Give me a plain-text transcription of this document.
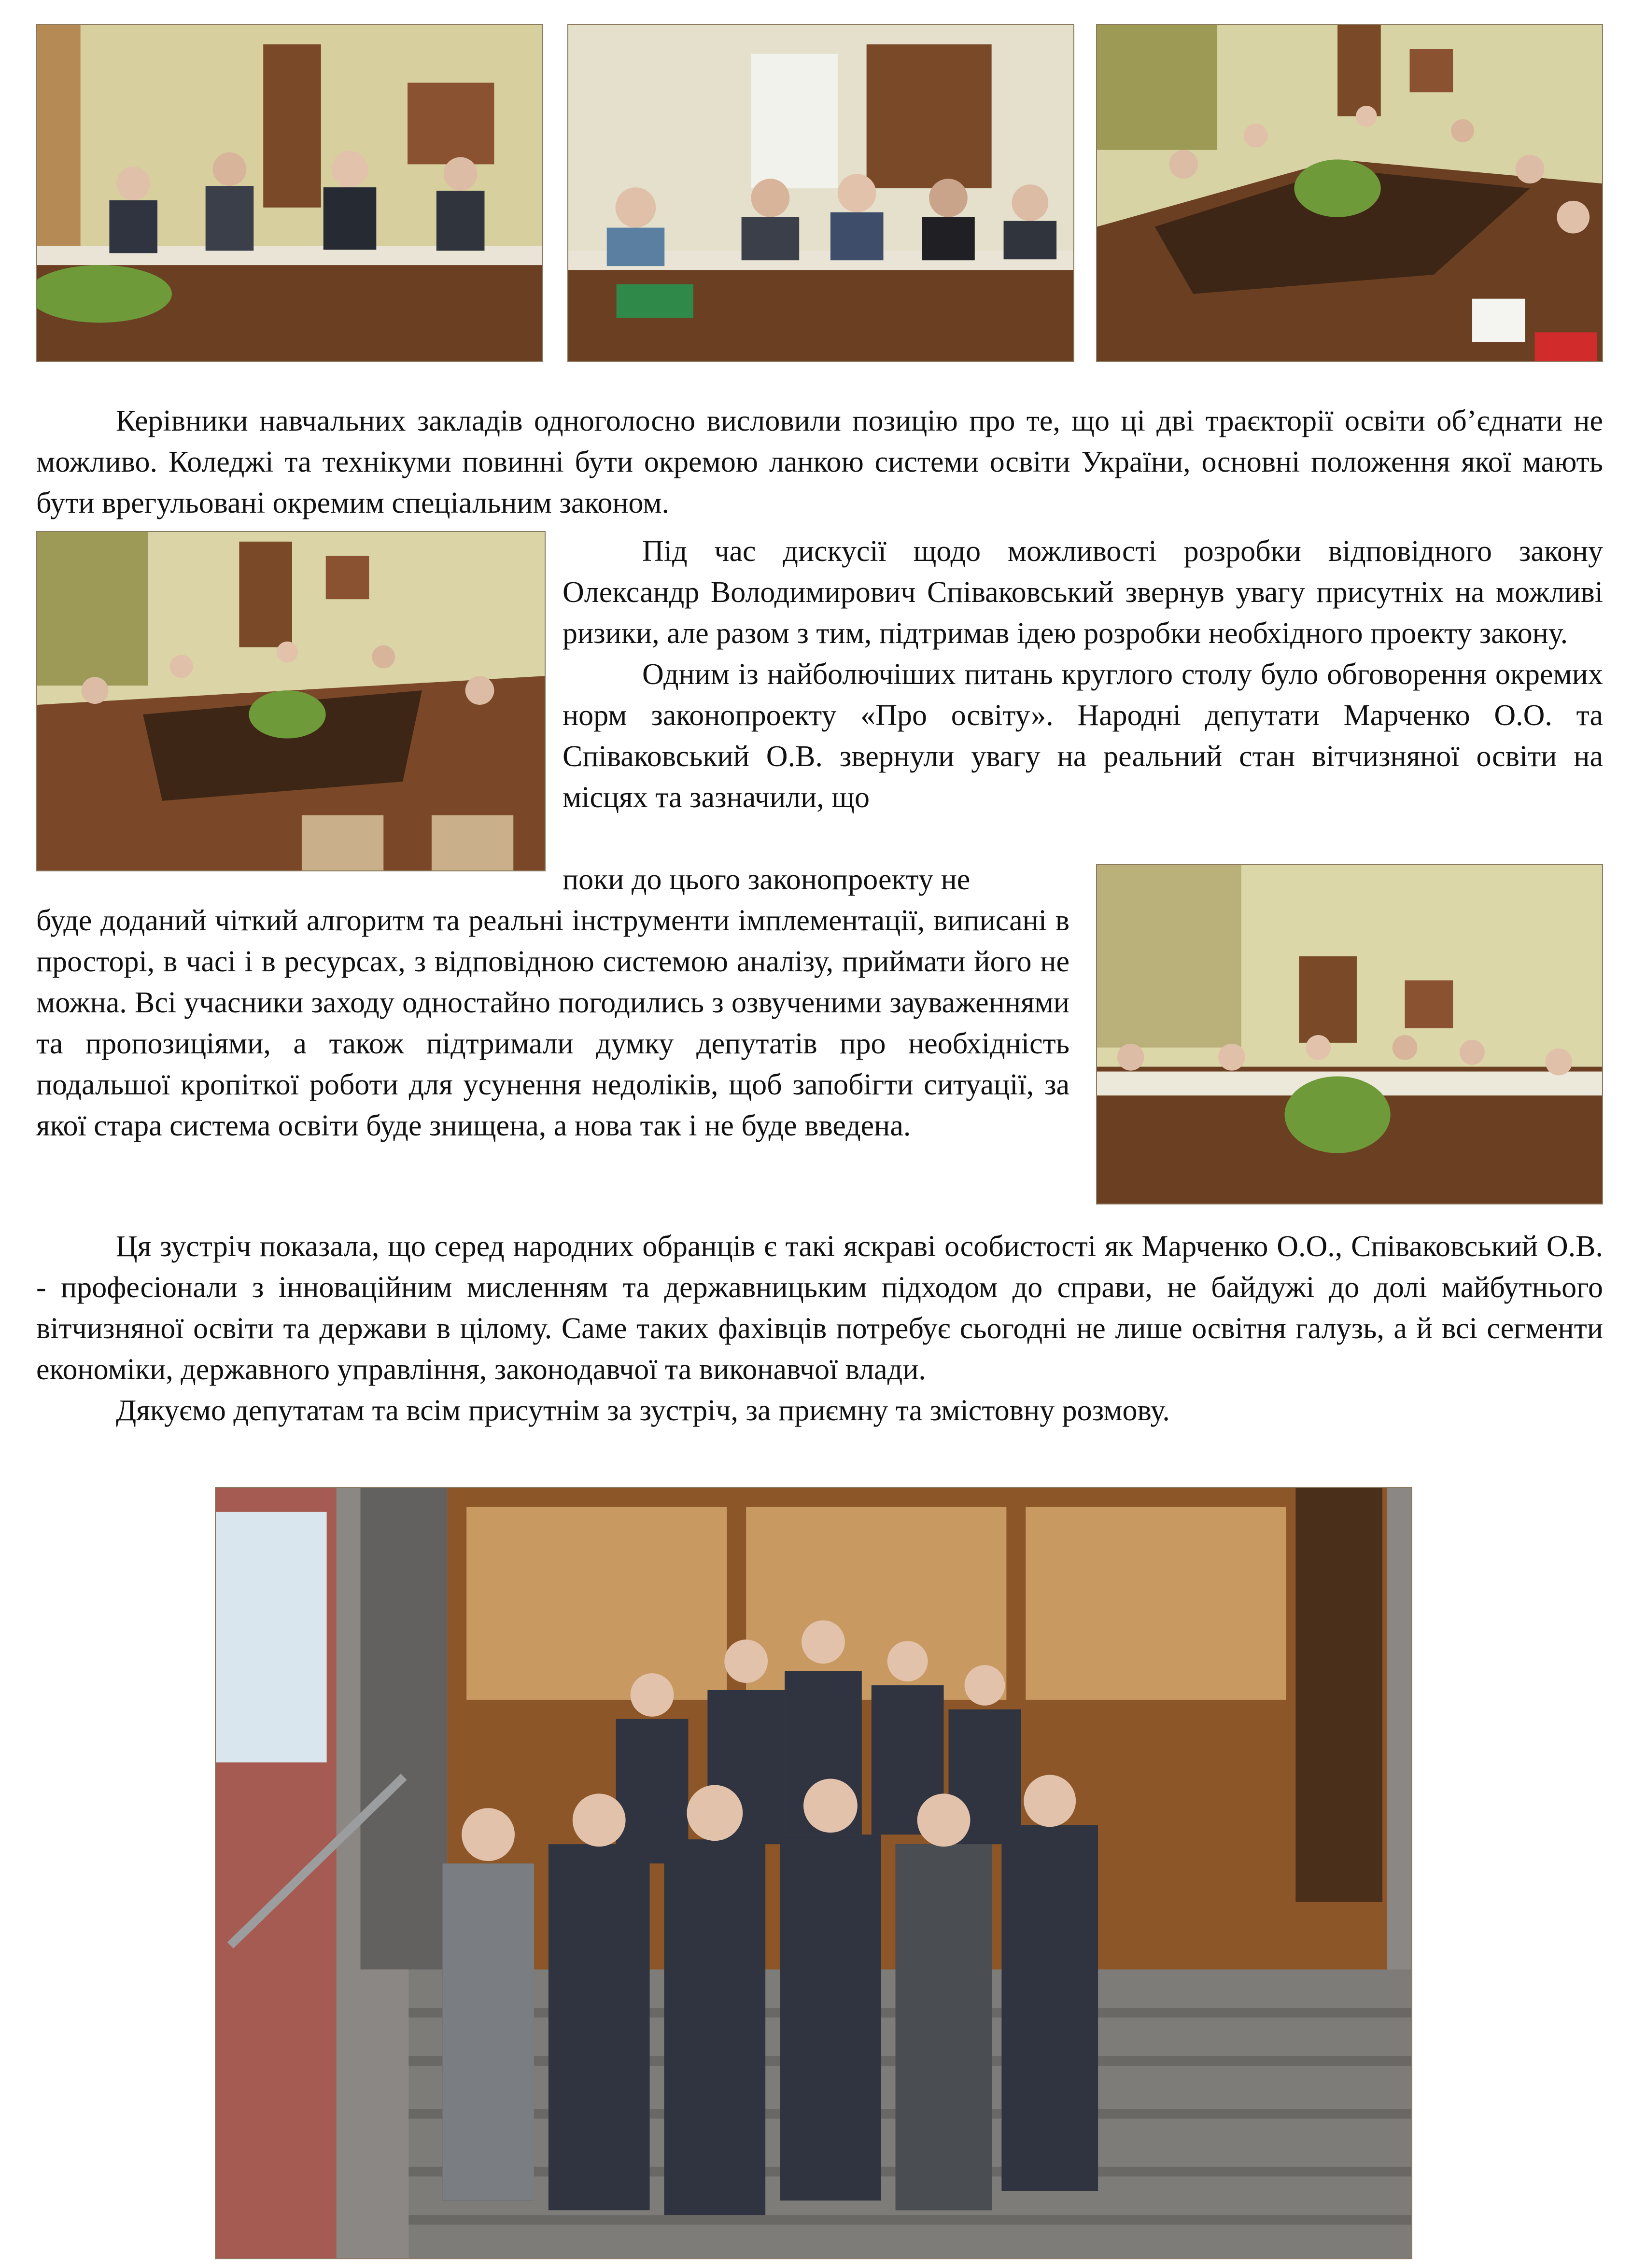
Керівники навчальних закладів одноголосно висловили позицію про те, що ці дві траєкторії освіти об’єднати не можливо. Коледжі та технікуми повинні бути окремою ланкою системи освіти України, основні положення якої мають бути врегульовані окремим спеціальним законом.
Під час дискусії щодо можливості розробки відповідного закону Олександр Володимирович Співаковський звернув увагу присутніх на можливі ризики, але разом з тим, підтримав ідею розробки необхідного проекту закону.
Одним із найболючіших питань круглого столу було обговорення окремих норм законопроекту «Про освіту». Народні депутати Марченко О.О. та Співаковський О.В. звернули увагу на реальний стан вітчизняної освіти на місцях та зазначили, що
поки до цього законопроекту не
буде доданий чіткий алгоритм та реальні інструменти імплементації, виписані в просторі, в часі і в ресурсах, з відповідною системою аналізу, приймати його не можна. Всі учасники заходу одностайно погодились з озвученими зауваженнями та пропозиціями, а також підтримали думку депутатів про необхідність подальшої кропіткої роботи для усунення недоліків, щоб запобігти ситуації, за якої стара система освіти буде знищена, а нова так і не буде введена.
Ця зустріч показала, що серед народних обранців є такі яскраві особистості як Марченко О.О., Співаковський О.В. - професіонали з інноваційним мисленням та державницьким підходом до справи, не байдужі до долі майбутнього вітчизняної освіти та держави в цілому. Саме таких фахівців потребує сьогодні не лише освітня галузь, а й всі сегменти економіки, державного управління, законодавчої та виконавчої влади.
Дякуємо депутатам та всім присутнім за зустріч, за приємну та змістовну розмову.
